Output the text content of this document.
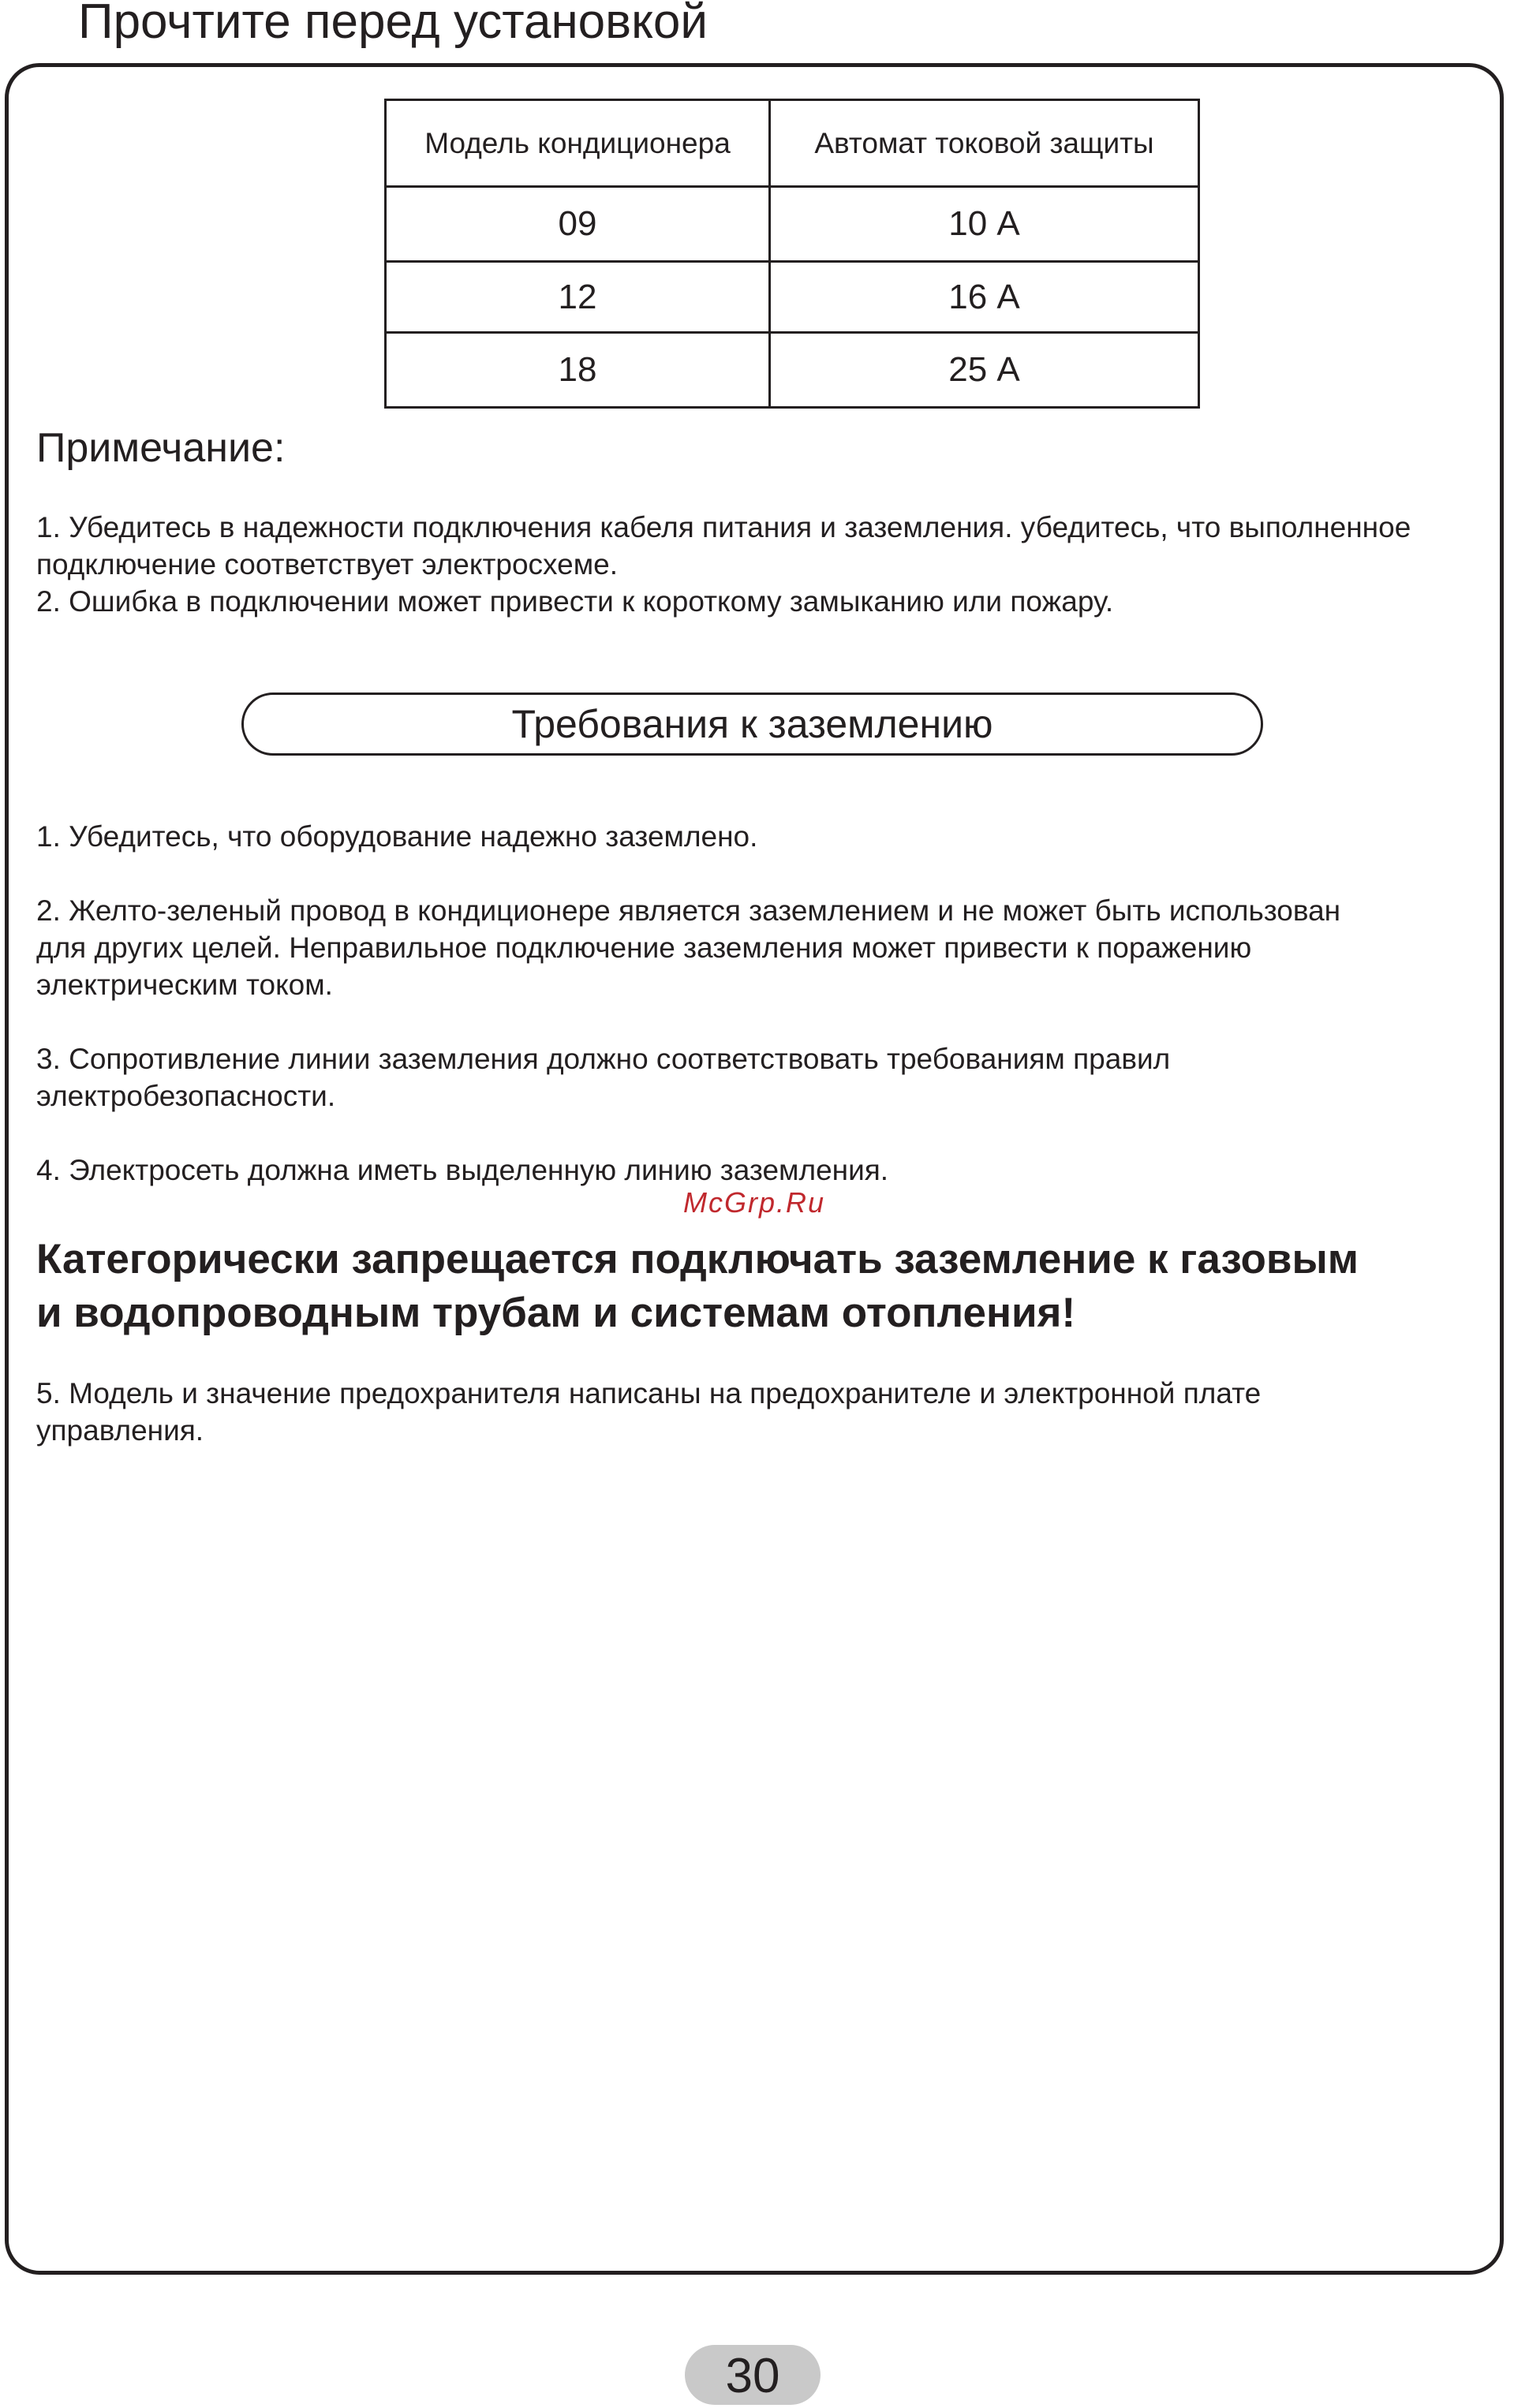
Прочтите перед установкой
Модель кондиционера	Автомат токовой защиты
09	10 А
12	16 А
18	25 А
Примечание:
1. Убедитесь в надежности подключения кабеля питания и заземления. убедитесь, что выполненное
подключение соответствует электросхеме.
2. Ошибка в подключении может привести к короткому замыканию или пожару.
Требования к заземлению
1. Убедитесь, что оборудование надежно заземлено.
2. Желто-зеленый провод в кондиционере является заземлением и не может быть использован
для других целей. Неправильное подключение заземления может привести к поражению
электрическим током.
3. Сопротивление линии заземления должно соответствовать требованиям правил
электробезопасности.
4. Электросеть должна иметь выделенную линию заземления.
McGrp.Ru
Категорически запрещается подключать заземление к газовым
и водопроводным трубам и системам отопления!
5. Модель и значение предохранителя написаны на предохранителе и электронной плате
управления.
30
